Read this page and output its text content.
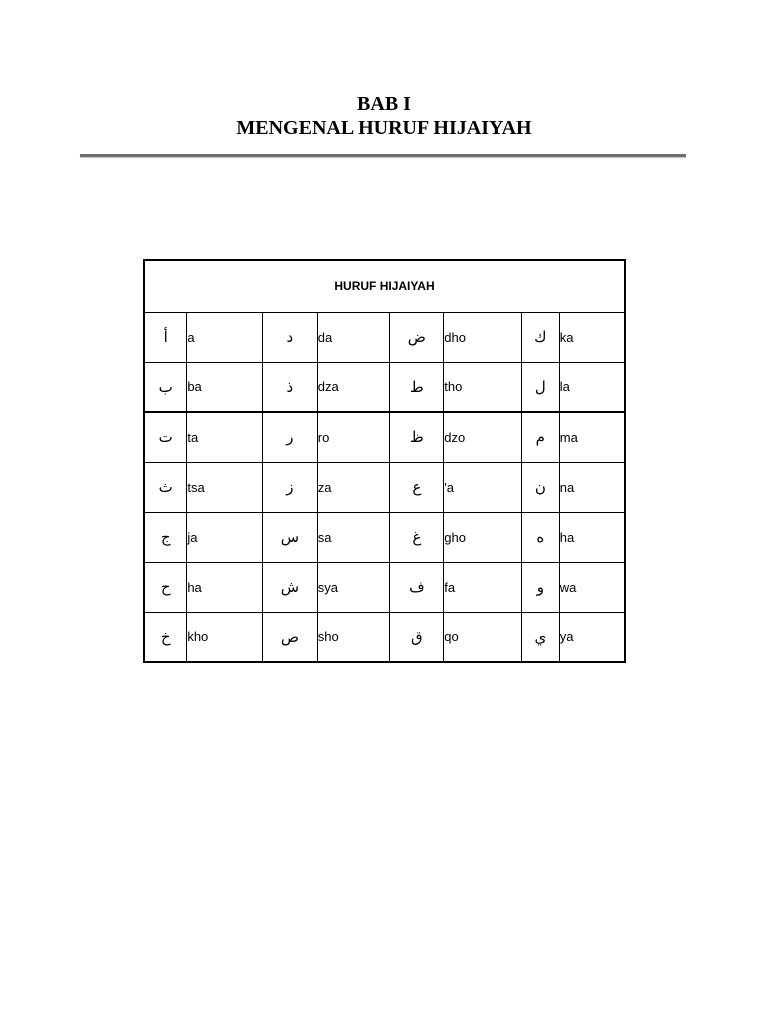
BAB I
MENGENAL HURUF HIJAIYAH
HURUF HIJAIYAH							
أ	a	د	da	ض	dho	ك	ka
ب	ba	ذ	dza	ط	tho	ل	la
ت	ta	ر	ro	ظ	dzo	م	ma
ث	tsa	ز	za	ع	'a	ن	na
ج	ja	س	sa	غ	gho	ه	ha
ح	ha	ش	sya	ف	fa	و	wa
خ	kho	ص	sho	ق	qo	ي	ya
